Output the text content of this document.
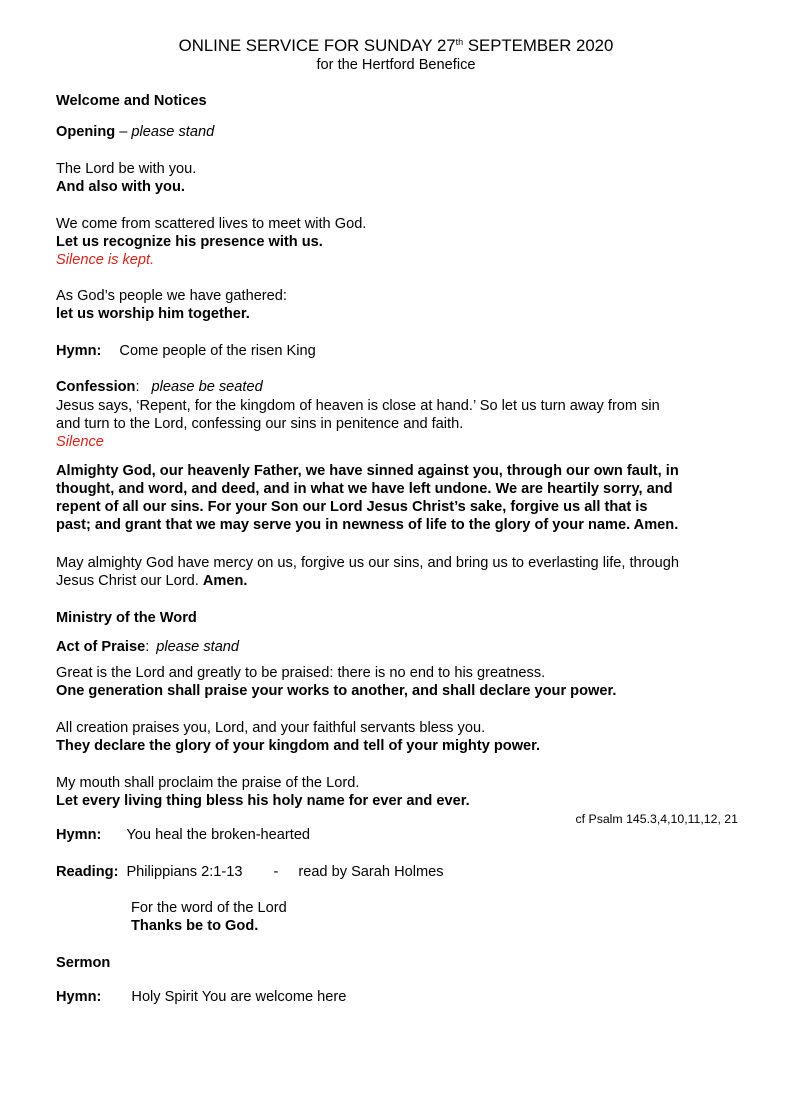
ONLINE SERVICE FOR SUNDAY 27th SEPTEMBER 2020
for the Hertford Benefice
Welcome and Notices
Opening – please stand
The Lord be with you.
And also with you.
We come from scattered lives to meet with God.
Let us recognize his presence with us.
Silence is kept.
As God’s people we have gathered:
let us worship him together.
Hymn: Come people of the risen King
Confession: please be seated
Jesus says, ‘Repent, for the kingdom of heaven is close at hand.’ So let us turn away from sin
and turn to the Lord, confessing our sins in penitence and faith.
Silence
Almighty God, our heavenly Father, we have sinned against you, through our own fault, in
thought, and word, and deed, and in what we have left undone. We are heartily sorry, and
repent of all our sins. For your Son our Lord Jesus Christ’s sake, forgive us all that is
past; and grant that we may serve you in newness of life to the glory of your name. Amen.
May almighty God have mercy on us, forgive us our sins, and bring us to everlasting life, through
Jesus Christ our Lord. Amen.
Ministry of the Word
Act of Praise: please stand
Great is the Lord and greatly to be praised: there is no end to his greatness.
One generation shall praise your works to another, and shall declare your power.
All creation praises you, Lord, and your faithful servants bless you.
They declare the glory of your kingdom and tell of your mighty power.
My mouth shall proclaim the praise of the Lord.
Let every living thing bless his holy name for ever and ever.
cf Psalm 145.3,4,10,11,12, 21
Hymn: You heal the broken-hearted
Reading: Philippians 2:1-13 - read by Sarah Holmes
For the word of the Lord
Thanks be to God.
Sermon
Hymn: Holy Spirit You are welcome here
